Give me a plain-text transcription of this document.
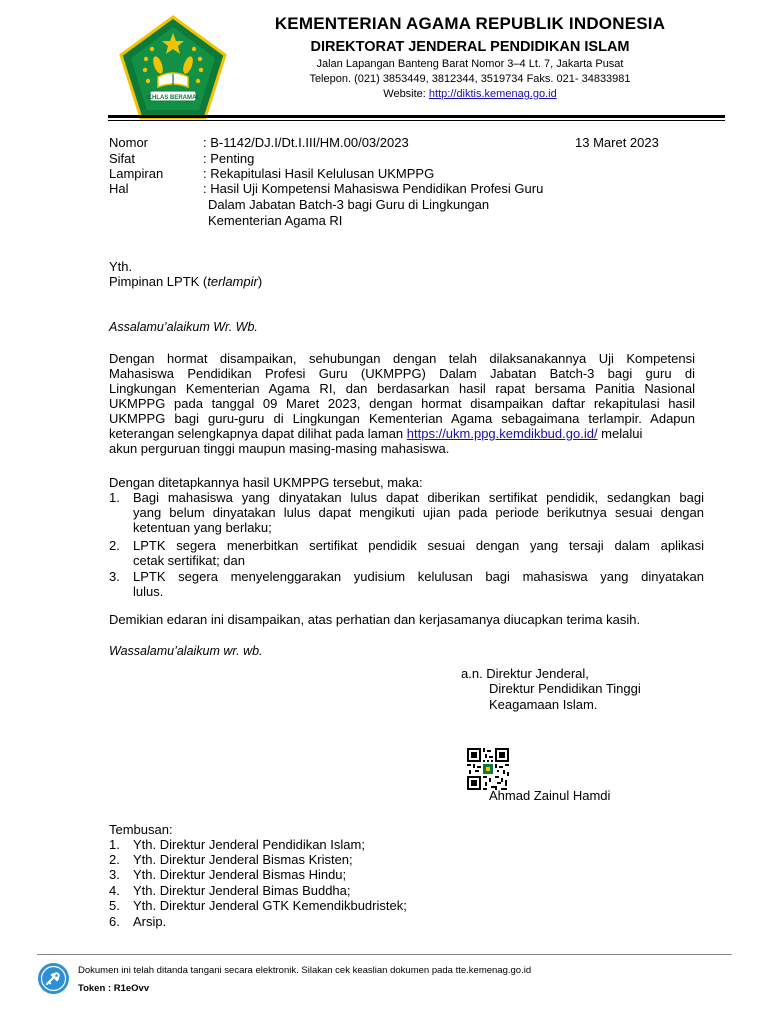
IKHLAS BERAMAL
KEMENTERIAN AGAMA REPUBLIK INDONESIA
DIREKTORAT JENDERAL PENDIDIKAN ISLAM
Jalan Lapangan Banteng Barat Nomor 3–4 Lt. 7, Jakarta Pusat
Telepon. (021) 3853449, 3812344, 3519734 Faks. 021- 34833981
Website: http://diktis.kemenag.go.id
Nomor	: B-1142/DJ.I/Dt.I.III/HM.00/03/2023	13 Maret 2023
Sifat	: Penting
Lampiran	: Rekapitulasi Hasil Kelulusan UKMPPG
Hal	: Hasil Uji Kompetensi Mahasiswa Pendidikan Profesi Guru
Dalam Jabatan Batch-3 bagi Guru di Lingkungan
Kementerian Agama RI
Yth.
Pimpinan LPTK (terlampir)
Assalamu’alaikum Wr. Wb.
Dengan hormat disampaikan, sehubungan dengan telah dilaksanakannya Uji Kompetensi
Mahasiswa Pendidikan Profesi Guru (UKMPPG) Dalam Jabatan Batch-3 bagi guru di
Lingkungan Kementerian Agama RI, dan berdasarkan hasil rapat bersama Panitia Nasional
UKMPPG pada tanggal 09 Maret 2023, dengan hormat disampaikan daftar rekapitulasi hasil
UKMPPG bagi guru-guru di Lingkungan Kementerian Agama sebagaimana terlampir. Adapun
keterangan selengkapnya dapat dilihat pada laman https://ukm.ppg.kemdikbud.go.id/ melalui
akun perguruan tinggi maupun masing-masing mahasiswa.
Dengan ditetapkannya hasil UKMPPG tersebut, maka:
1. Bagi mahasiswa yang dinyatakan lulus dapat diberikan sertifikat pendidik, sedangkan bagi
yang belum dinyatakan lulus dapat mengikuti ujian pada periode berikutnya sesuai dengan
ketentuan yang berlaku;
2. LPTK segera menerbitkan sertifikat pendidik sesuai dengan yang tersaji dalam aplikasi
cetak sertifikat; dan
3. LPTK segera menyelenggarakan yudisium kelulusan bagi mahasiswa yang dinyatakan
lulus.
Demikian edaran ini disampaikan, atas perhatian dan kerjasamanya diucapkan terima kasih.
Wassalamu’alaikum wr. wb.
a.n. Direktur Jenderal,
Direktur Pendidikan Tinggi
Keagamaan Islam.
Ahmad Zainul Hamdi
Tembusan:
1. Yth. Direktur Jenderal Pendidikan Islam;
2. Yth. Direktur Jenderal Bismas Kristen;
3. Yth. Direktur Jenderal Bismas Hindu;
4. Yth. Direktur Jenderal Bimas Buddha;
5. Yth. Direktur Jenderal GTK Kemendikbudristek;
6. Arsip.
Dokumen ini telah ditanda tangani secara elektronik. Silakan cek keaslian dokumen pada tte.kemenag.go.id
Token : R1eOvv
